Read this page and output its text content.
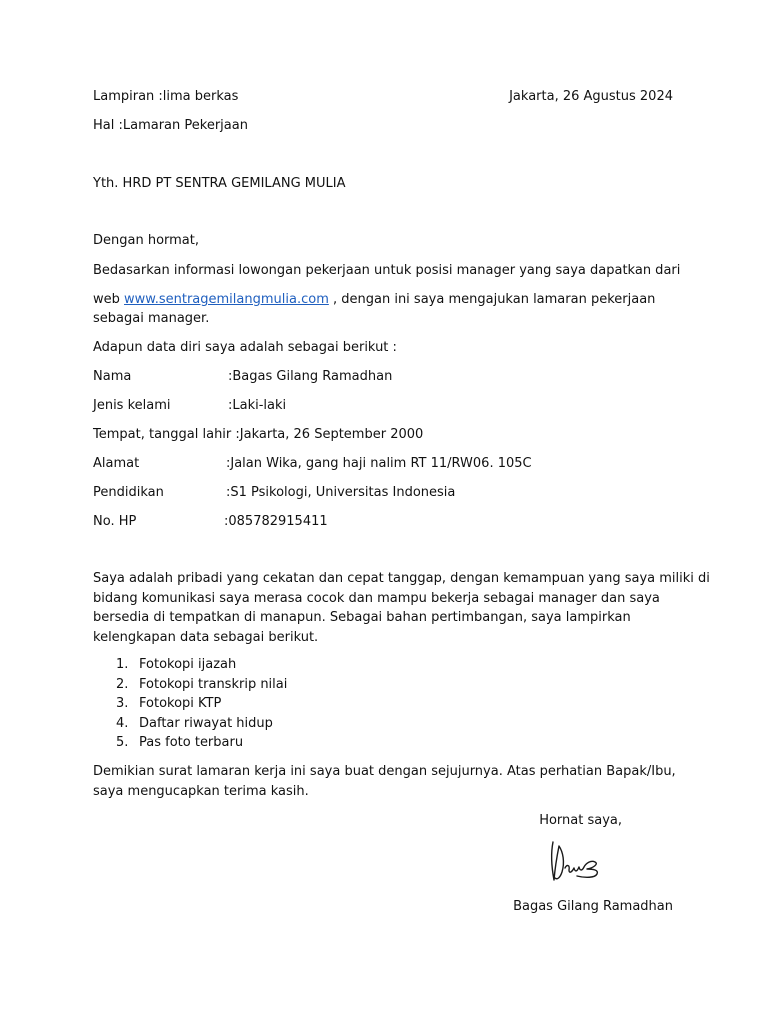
Lampiran :lima berkas	Jakarta, 26 Agustus 2024
Hal :Lamaran Pekerjaan
Yth. HRD PT SENTRA GEMILANG MULIA
Dengan hormat,
Bedasarkan informasi lowongan pekerjaan untuk posisi manager yang saya dapatkan dari
web www.sentragemilangmulia.com , dengan ini saya mengajukan lamaran pekerjaan
sebagai manager.
Adapun data diri saya adalah sebagai berikut :
Nama	:Bagas Gilang Ramadhan
Jenis kelami	:Laki-laki
Tempat, tanggal lahir :Jakarta, 26 September 2000
Alamat	:Jalan Wika, gang haji nalim RT 11/RW06. 105C
Pendidikan	:S1 Psikologi, Universitas Indonesia
No. HP	:085782915411
Saya adalah pribadi yang cekatan dan cepat tanggap, dengan kemampuan yang saya miliki di
bidang komunikasi saya merasa cocok dan mampu bekerja sebagai manager dan saya
bersedia di tempatkan di manapun. Sebagai bahan pertimbangan, saya lampirkan
kelengkapan data sebagai berikut.
1. Fotokopi ijazah
2. Fotokopi transkrip nilai
3. Fotokopi KTP
4. Daftar riwayat hidup
5. Pas foto terbaru
Demikian surat lamaran kerja ini saya buat dengan sejujurnya. Atas perhatian Bapak/Ibu,
saya mengucapkan terima kasih.
Hornat saya,
Bagas Gilang Ramadhan
